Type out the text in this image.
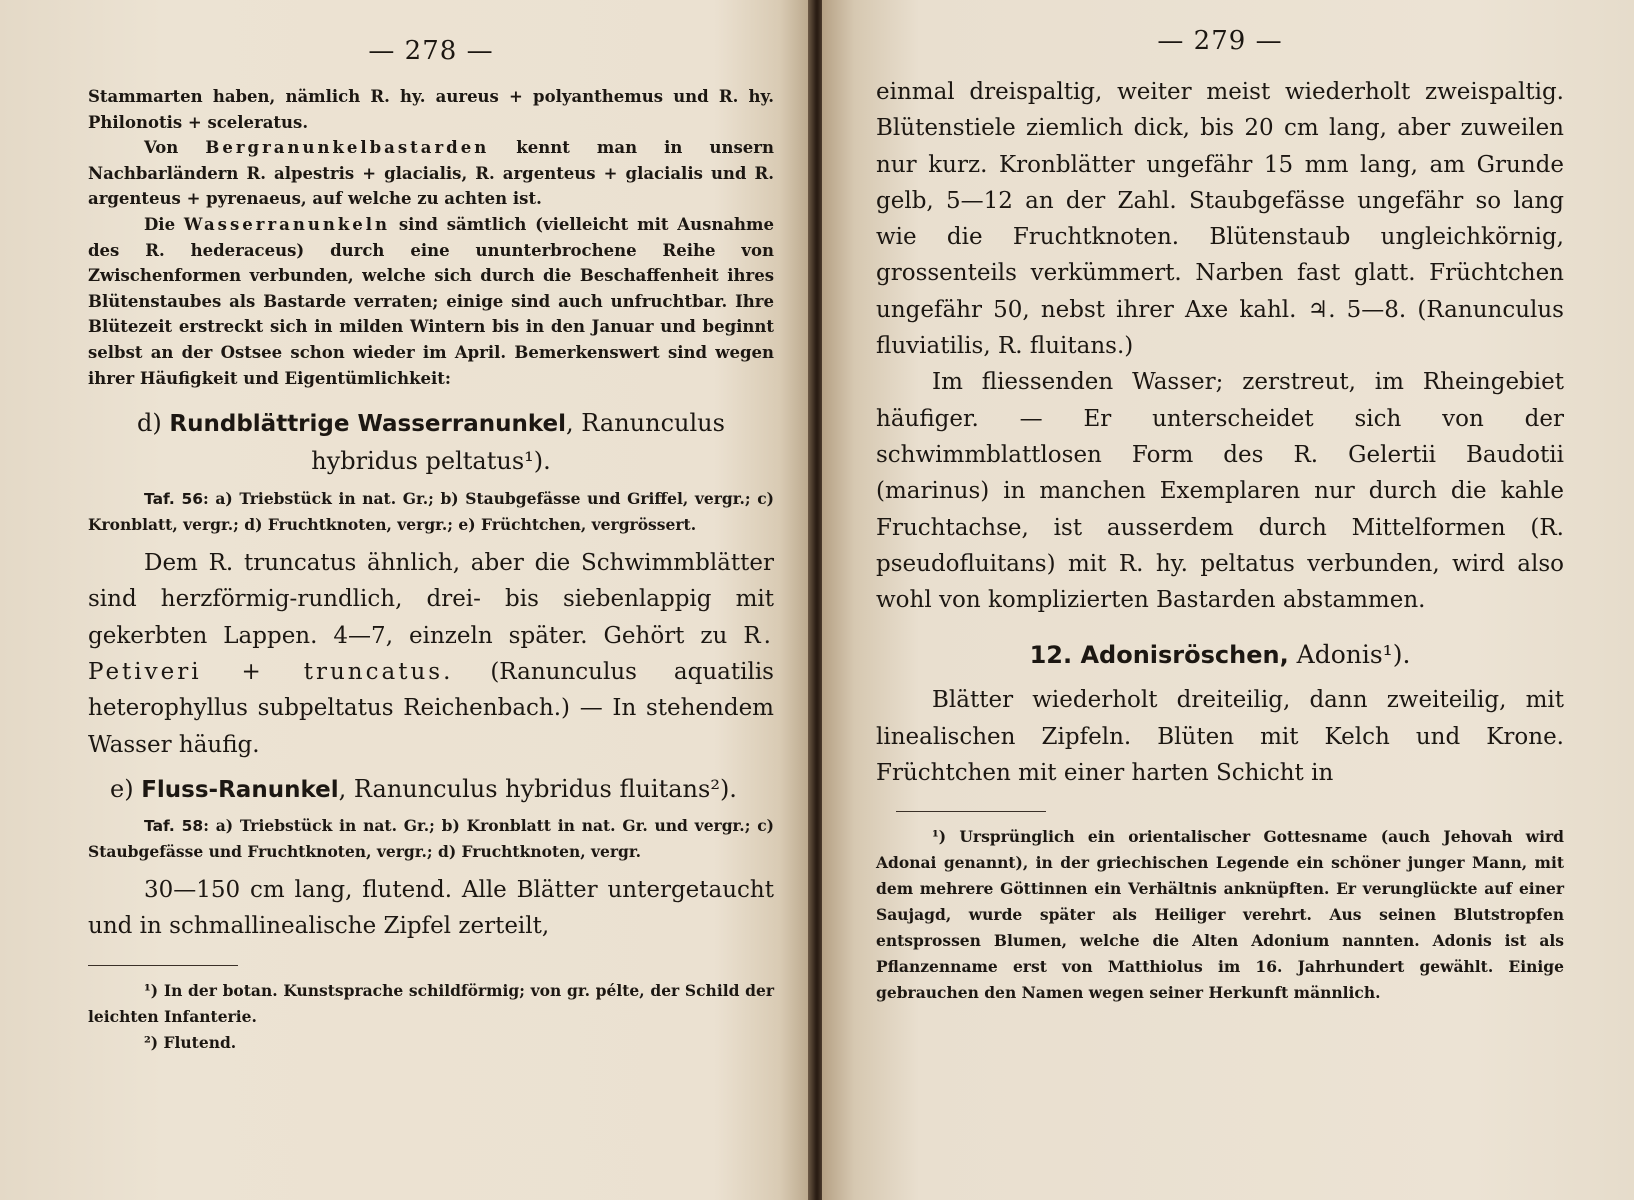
— 278 —

Stammarten haben, nämlich R. hy. aureus + polyanthemus und R. hy. Philonotis + sceleratus.

Von Bergranunkelbastarden kennt man in unsern Nachbarländern R. alpestris + glacialis, R. argenteus + glacialis und R. argenteus + pyrenaeus, auf welche zu achten ist.

Die Wasserranunkeln sind sämtlich (vielleicht mit Ausnahme des R. hederaceus) durch eine ununterbrochene Reihe von Zwischenformen verbunden, welche sich durch die Beschaffenheit ihres Blütenstaubes als Bastarde verraten; einige sind auch unfruchtbar. Ihre Blütezeit erstreckt sich in milden Wintern bis in den Januar und beginnt selbst an der Ostsee schon wieder im April. Bemerkenswert sind wegen ihrer Häufigkeit und Eigentümlichkeit:

d) Rundblättrige Wasserranunkel, Ranunculus hybridus peltatus¹).

Taf. 56: a) Triebstück in nat. Gr.; b) Staubgefässe und Griffel, vergr.; c) Kronblatt, vergr.; d) Fruchtknoten, vergr.; e) Früchtchen, vergrössert.

Dem R. truncatus ähnlich, aber die Schwimmblätter sind herzförmig-rundlich, drei- bis siebenlappig mit gekerbten Lappen. 4—7, einzeln später. Gehört zu R. Petiveri + truncatus. (Ranunculus aquatilis heterophyllus subpeltatus Reichenbach.) — In stehendem Wasser häufig.

e) Fluss-Ranunkel, Ranunculus hybridus fluitans²).

Taf. 58: a) Triebstück in nat. Gr.; b) Kronblatt in nat. Gr. und vergr.; c) Staubgefässe und Fruchtknoten, vergr.; d) Fruchtknoten, vergr.

30—150 cm lang, flutend. Alle Blätter untergetaucht und in schmallinealische Zipfel zerteilt,

¹) In der botan. Kunstsprache schildförmig; von gr. pélte, der Schild der leichten Infanterie.

²) Flutend.

— 279 —

einmal dreispaltig, weiter meist wiederholt zweispaltig. Blütenstiele ziemlich dick, bis 20 cm lang, aber zuweilen nur kurz. Kronblätter ungefähr 15 mm lang, am Grunde gelb, 5—12 an der Zahl. Staubgefässe ungefähr so lang wie die Fruchtknoten. Blütenstaub ungleichkörnig, grossenteils verkümmert. Narben fast glatt. Früchtchen ungefähr 50, nebst ihrer Axe kahl. ♃. 5—8. (Ranunculus fluviatilis, R. fluitans.)

Im fliessenden Wasser; zerstreut, im Rheingebiet häufiger. — Er unterscheidet sich von der schwimmblattlosen Form des R. Gelertii Baudotii (marinus) in manchen Exemplaren nur durch die kahle Fruchtachse, ist ausserdem durch Mittelformen (R. pseudofluitans) mit R. hy. peltatus verbunden, wird also wohl von komplizierten Bastarden abstammen.

12. Adonisröschen, Adonis¹).

Blätter wiederholt dreiteilig, dann zweiteilig, mit linealischen Zipfeln. Blüten mit Kelch und Krone. Früchtchen mit einer harten Schicht in

¹) Ursprünglich ein orientalischer Gottesname (auch Jehovah wird Adonai genannt), in der griechischen Legende ein schöner junger Mann, mit dem mehrere Göttinnen ein Verhältnis anknüpften. Er verunglückte auf einer Saujagd, wurde später als Heiliger verehrt. Aus seinen Blutstropfen entsprossen Blumen, welche die Alten Adonium nannten. Adonis ist als Pflanzenname erst von Matthiolus im 16. Jahrhundert gewählt. Einige gebrauchen den Namen wegen seiner Herkunft männlich.
